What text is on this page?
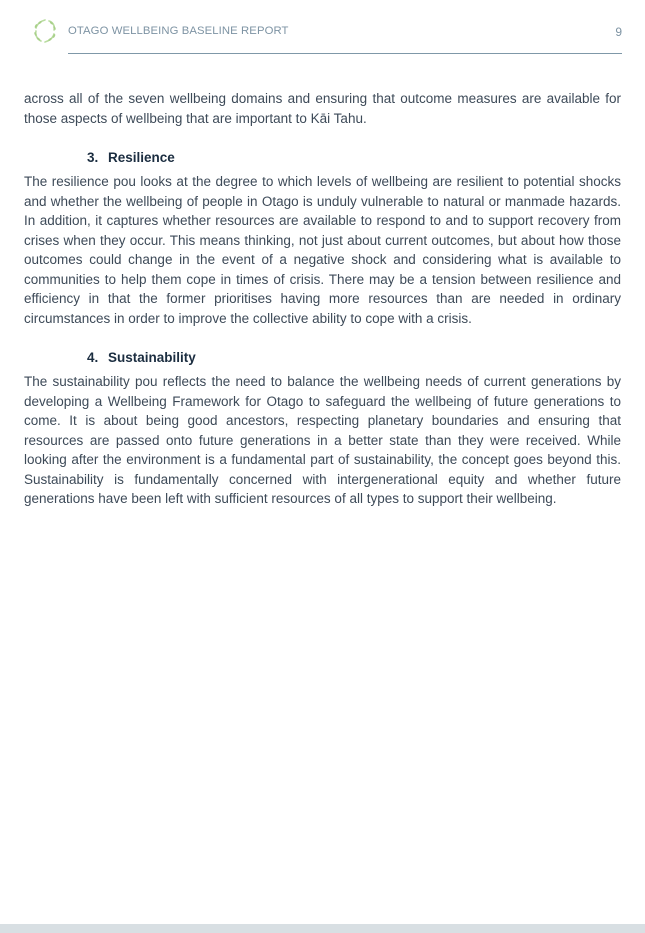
OTAGO WELLBEING BASELINE REPORT	9

across all of the seven wellbeing domains and ensuring that outcome measures are available for those aspects of wellbeing that are important to Kāi Tahu.

3. Resilience

The resilience pou looks at the degree to which levels of wellbeing are resilient to potential shocks and whether the wellbeing of people in Otago is unduly vulnerable to natural or manmade hazards. In addition, it captures whether resources are available to respond to and to support recovery from crises when they occur. This means thinking, not just about current outcomes, but about how those outcomes could change in the event of a negative shock and considering what is available to communities to help them cope in times of crisis. There may be a tension between resilience and efficiency in that the former prioritises having more resources than are needed in ordinary circumstances in order to improve the collective ability to cope with a crisis.

4. Sustainability

The sustainability pou reflects the need to balance the wellbeing needs of current generations by developing a Wellbeing Framework for Otago to safeguard the wellbeing of future generations to come. It is about being good ancestors, respecting planetary boundaries and ensuring that resources are passed onto future generations in a better state than they were received. While looking after the environment is a fundamental part of sustainability, the concept goes beyond this. Sustainability is fundamentally concerned with intergenerational equity and whether future generations have been left with sufficient resources of all types to support their wellbeing.
